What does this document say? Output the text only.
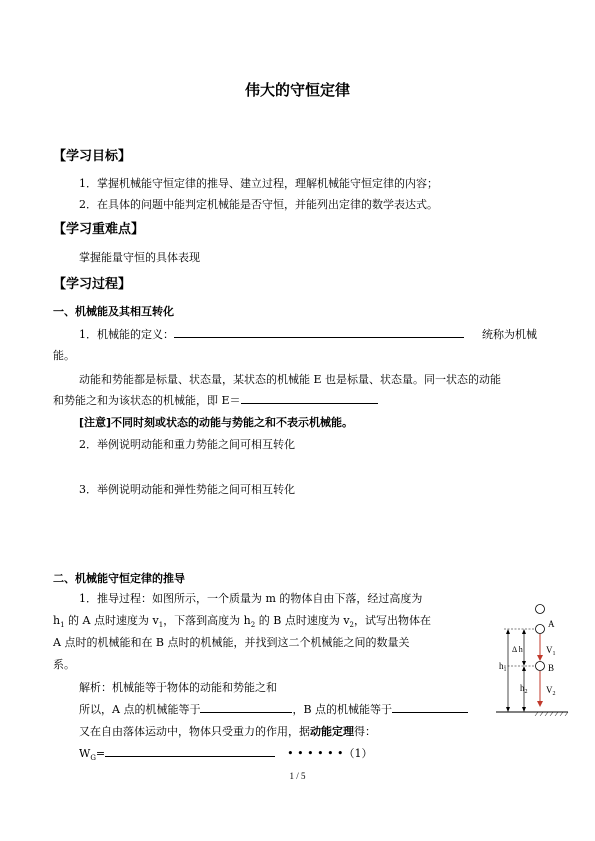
伟大的守恒定律
【学习目标】
1．掌握机械能守恒定律的推导、建立过程，理解机械能守恒定律的内容；
2．在具体的问题中能判定机械能是否守恒，并能列出定律的数学表达式。
【学习重难点】
掌握能量守恒的具体表现
【学习过程】
一、机械能及其相互转化
1．机械能的定义：	统称为机械
能。
动能和势能都是标量、状态量，某状态的机械能 E 也是标量、状态量。同一状态的动能
和势能之和为该状态的机械能，即 E＝
[注意]不同时刻或状态的动能与势能之和不表示机械能。
2．举例说明动能和重力势能之间可相互转化
3．举例说明动能和弹性势能之间可相互转化
二、机械能守恒定律的推导
1．推导过程：如图所示，一个质量为 m 的物体自由下落，经过高度为
$h_1$ 的 A 点时速度为 $v_1$，下落到高度为 $h_2$ 的 B 点时速度为 $v_2$，试写出物体在
A 点时的机械能和在 B 点时的机械能，并找到这二个机械能之间的数量关
系。
解析：机械能等于物体的动能和势能之和
所以，A 点的机械能等于	，B 点的机械能等于
又在自由落体运动中，物体只受重力的作用，据动能定理得：
$W_G=$	• • • • • •（1）
A
B
$V_1$
$V_2$
$h_1$
Δ h
$h_2$
1 / 5
